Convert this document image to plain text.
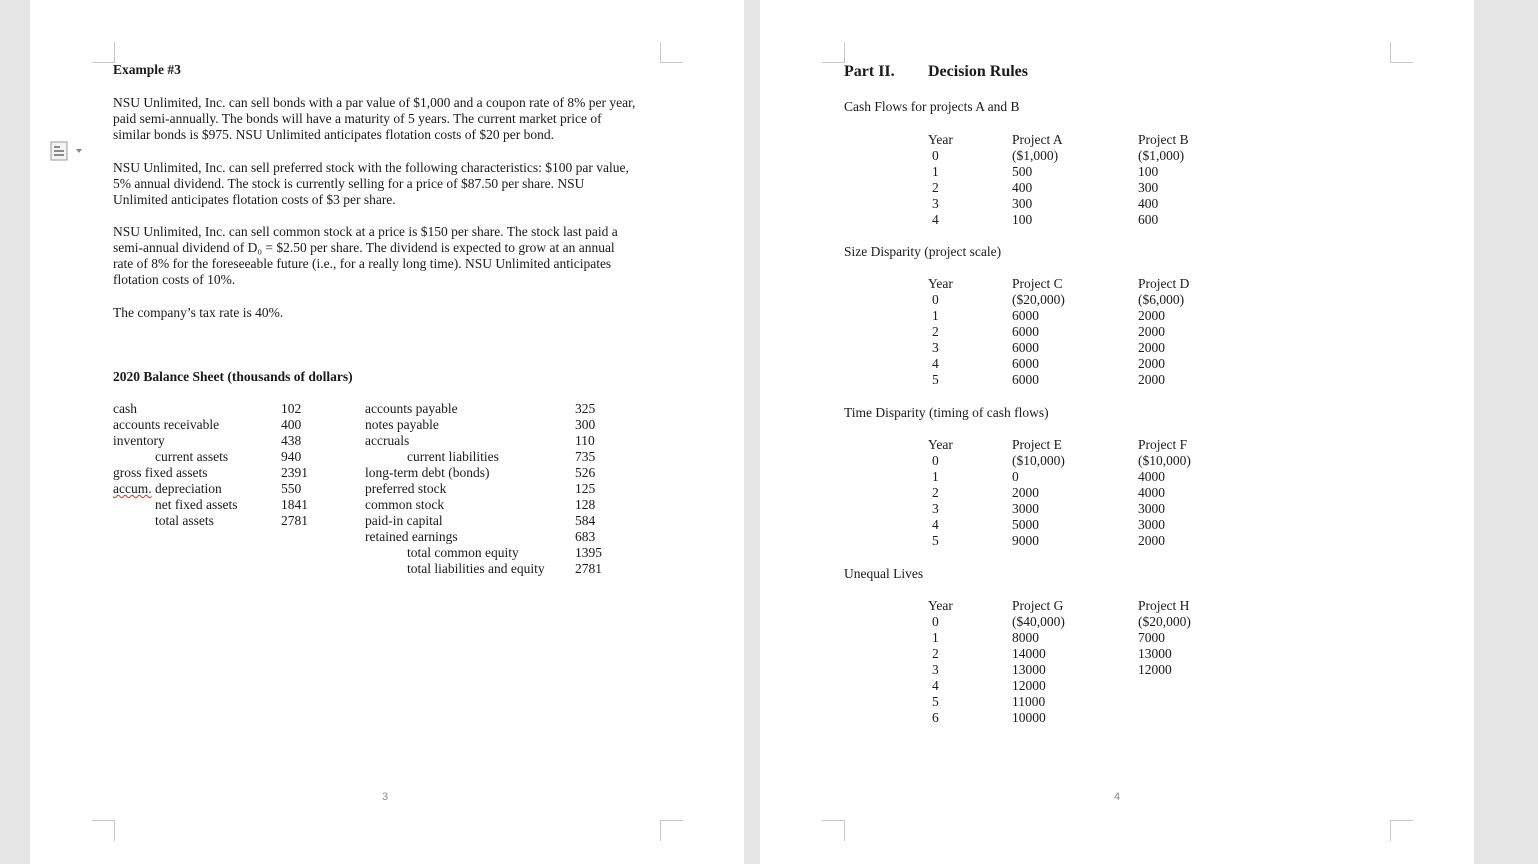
Example #3
NSU Unlimited, Inc. can sell bonds with a par value of $1,000 and a coupon rate of 8% per year,
paid semi-annually. The bonds will have a maturity of 5 years. The current market price of
similar bonds is $975. NSU Unlimited anticipates flotation costs of $20 per bond.
NSU Unlimited, Inc. can sell preferred stock with the following characteristics: $100 par value,
5% annual dividend. The stock is currently selling for a price of $87.50 per share. NSU
Unlimited anticipates flotation costs of $3 per share.
NSU Unlimited, Inc. can sell common stock at a price is $150 per share. The stock last paid a
semi-annual dividend of D₀ = $2.50 per share. The dividend is expected to grow at an annual
rate of 8% for the foreseeable future (i.e., for a really long time). NSU Unlimited anticipates
flotation costs of 10%.
The company’s tax rate is 40%.
2020 Balance Sheet (thousands of dollars)
cash
accounts receivable
inventory
current assets
gross fixed assets
accum. depreciation
net fixed assets
total assets
102
400
438
940
2391
550
1841
2781
accounts payable
notes payable
accruals
current liabilities
long-term debt (bonds)
preferred stock
common stock
paid-in capital
retained earnings
total common equity
total liabilities and equity
325
300
110
735
526
125
128
584
683
1395
2781
3
Part II. Decision Rules
Cash Flows for projects A and B
Year
0
1
2
3
4
Project A
($1,000)
500
400
300
100
Project B
($1,000)
100
300
400
600
Size Disparity (project scale)
Year
0
1
2
3
4
5
Project C
($20,000)
6000
6000
6000
6000
6000
Project D
($6,000)
2000
2000
2000
2000
2000
Time Disparity (timing of cash flows)
Year
0
1
2
3
4
5
Project E
($10,000)
0
2000
3000
5000
9000
Project F
($10,000)
4000
4000
3000
3000
2000
Unequal Lives
Year
0
1
2
3
4
5
6
Project G
($40,000)
8000
14000
13000
12000
11000
10000
Project H
($20,000)
7000
13000
12000
4
